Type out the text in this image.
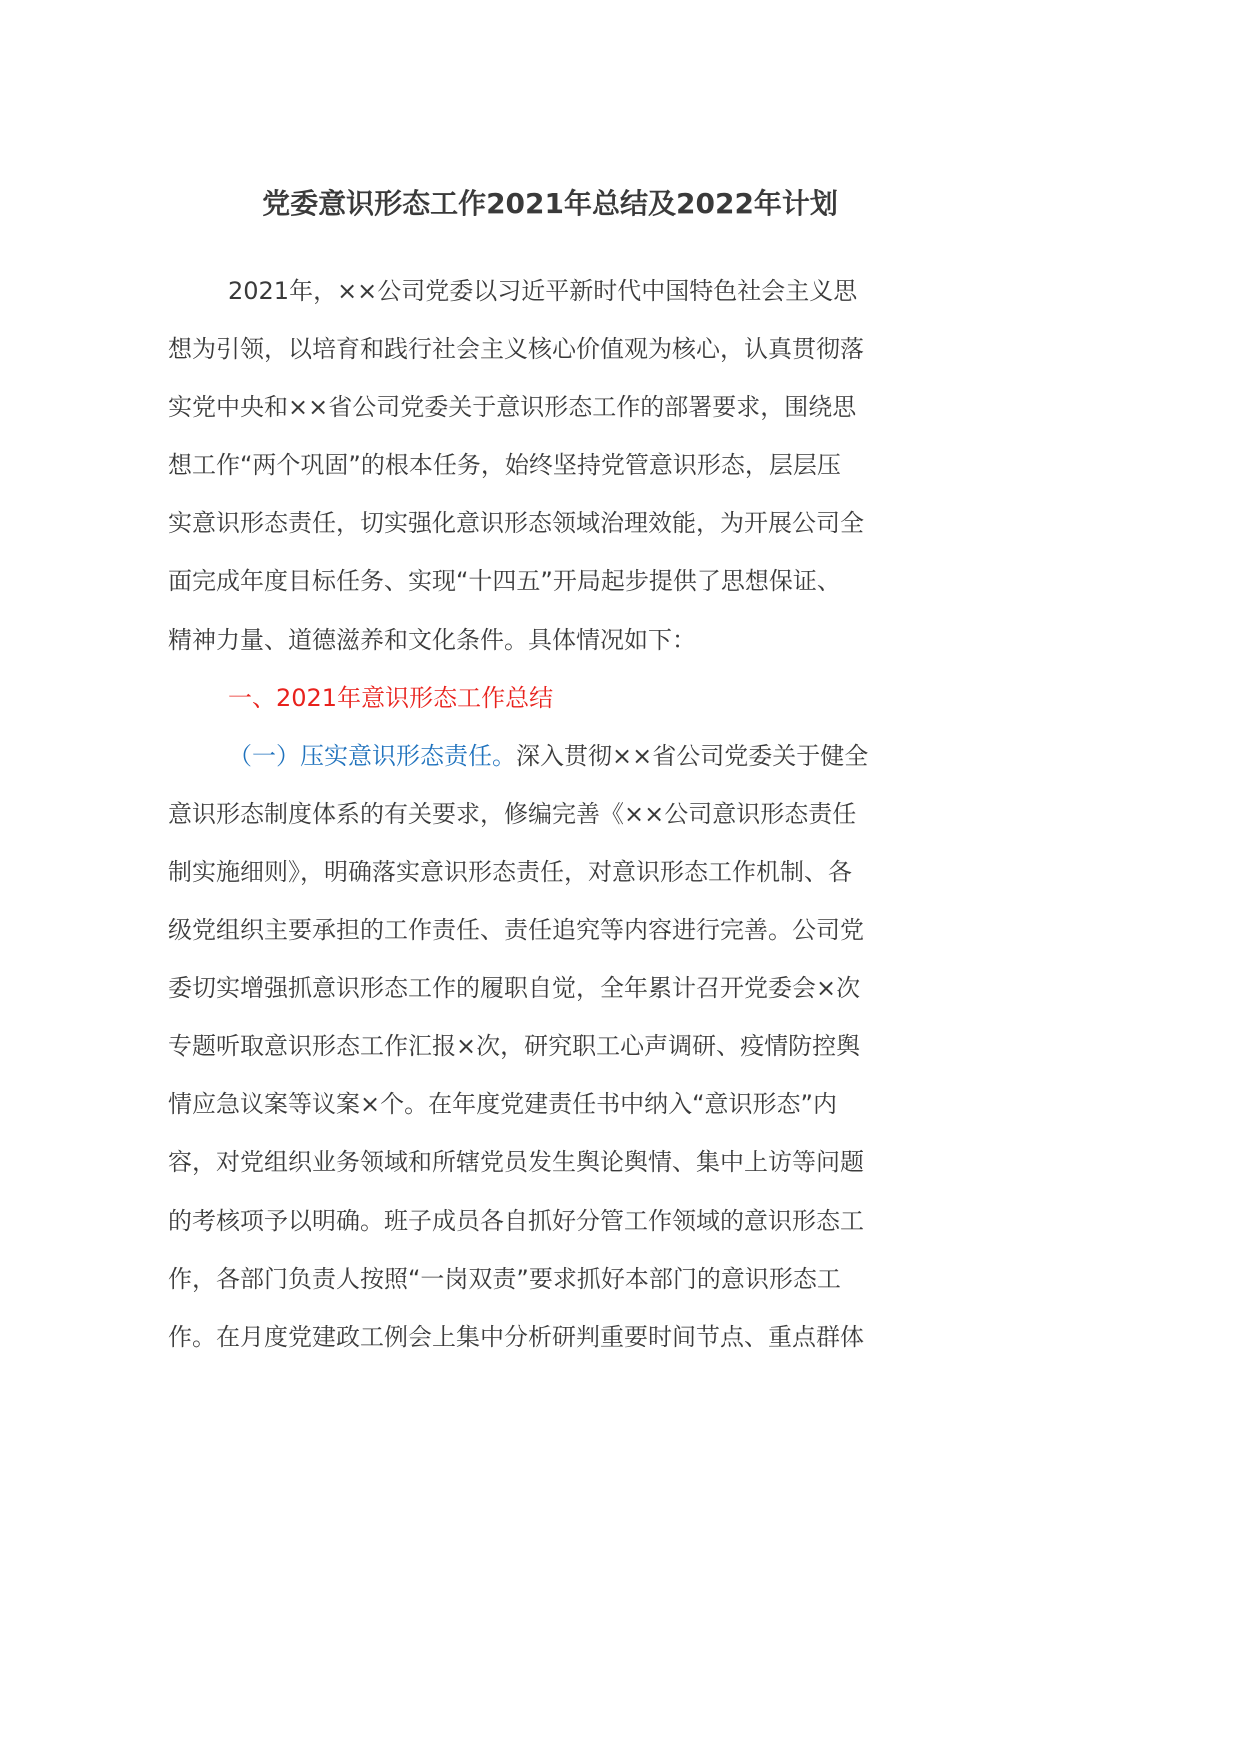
党委意识形态工作2021年总结及2022年计划
2021年，××公司党委以习近平新时代中国特色社会主义思
想为引领，以培育和践行社会主义核心价值观为核心，认真贯彻落
实党中央和××省公司党委关于意识形态工作的部署要求，围绕思
想工作“两个巩固”的根本任务，始终坚持党管意识形态，层层压
实意识形态责任，切实强化意识形态领域治理效能，为开展公司全
面完成年度目标任务、实现“十四五”开局起步提供了思想保证、
精神力量、道德滋养和文化条件。具体情况如下：
一、2021年意识形态工作总结
（一）压实意识形态责任。深入贯彻××省公司党委关于健全
意识形态制度体系的有关要求，修编完善《××公司意识形态责任
制实施细则》，明确落实意识形态责任，对意识形态工作机制、各
级党组织主要承担的工作责任、责任追究等内容进行完善。公司党
委切实增强抓意识形态工作的履职自觉，全年累计召开党委会×次
专题听取意识形态工作汇报×次，研究职工心声调研、疫情防控舆
情应急议案等议案×个。在年度党建责任书中纳入“意识形态”内
容，对党组织业务领域和所辖党员发生舆论舆情、集中上访等问题
的考核项予以明确。班子成员各自抓好分管工作领域的意识形态工
作，各部门负责人按照“一岗双责”要求抓好本部门的意识形态工
作。在月度党建政工例会上集中分析研判重要时间节点、重点群体
